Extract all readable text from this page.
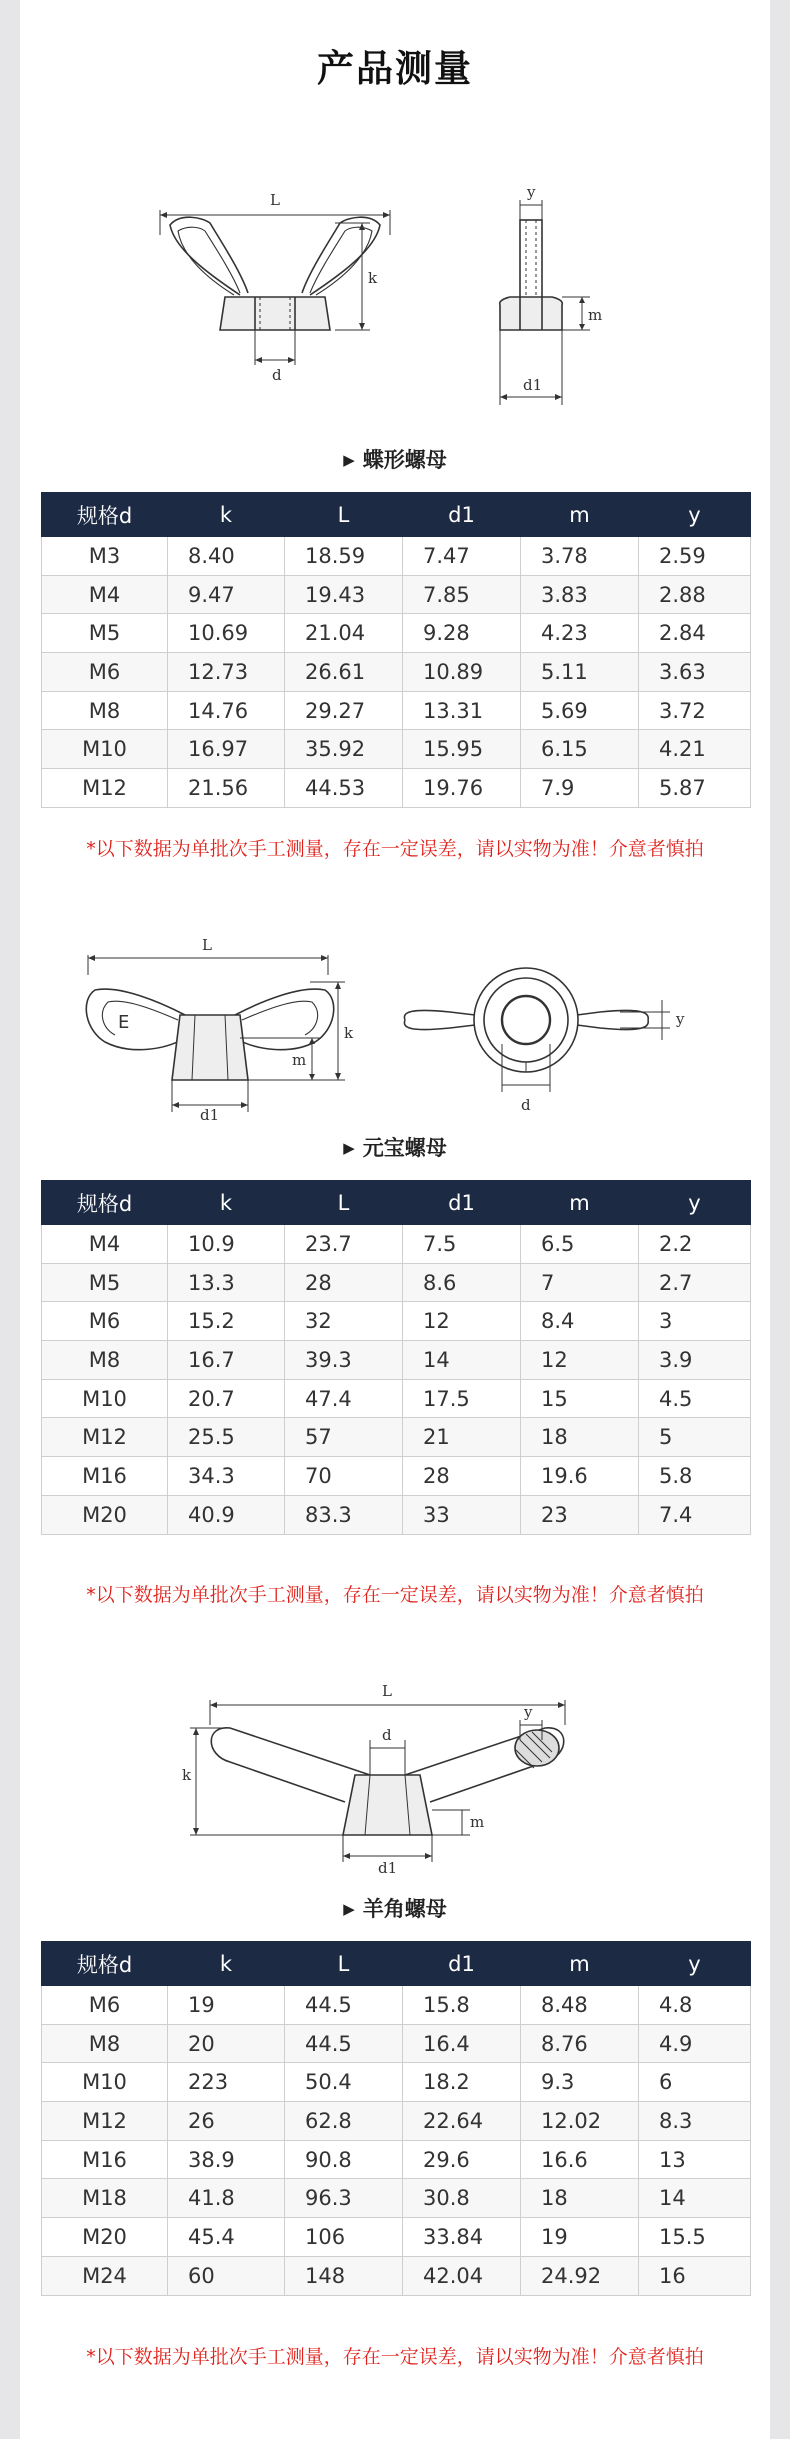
产品测量
L
k
d
y
m
d1
▶ 蝶形螺母
规格d	k	L	d1	m	y
M3	8.40	18.59	7.47	3.78	2.59
M4	9.47	19.43	7.85	3.83	2.88
M5	10.69	21.04	9.28	4.23	2.84
M6	12.73	26.61	10.89	5.11	3.63
M8	14.76	29.27	13.31	5.69	3.72
M10	16.97	35.92	15.95	6.15	4.21
M12	21.56	44.53	19.76	7.9	5.87
*以下数据为单批次手工测量，存在一定误差，请以实物为准！介意者慎拍
L
E	k
m
d1
y
d
▶ 元宝螺母
规格d	k	L	d1	m	y
M4	10.9	23.7	7.5	6.5	2.2
M5	13.3	28	8.6	7	2.7
M6	15.2	32	12	8.4	3
M8	16.7	39.3	14	12	3.9
M10	20.7	47.4	17.5	15	4.5
M12	25.5	57	21	18	5
M16	34.3	70	28	19.6	5.8
M20	40.9	83.3	33	23	7.4
*以下数据为单批次手工测量，存在一定误差，请以实物为准！介意者慎拍
L
k
d
y
m
d1
▶ 羊角螺母
规格d	k	L	d1	m	y
M6	19	44.5	15.8	8.48	4.8
M8	20	44.5	16.4	8.76	4.9
M10	223	50.4	18.2	9.3	6
M12	26	62.8	22.64	12.02	8.3
M16	38.9	90.8	29.6	16.6	13
M18	41.8	96.3	30.8	18	14
M20	45.4	106	33.84	19	15.5
M24	60	148	42.04	24.92	16
*以下数据为单批次手工测量，存在一定误差，请以实物为准！介意者慎拍
